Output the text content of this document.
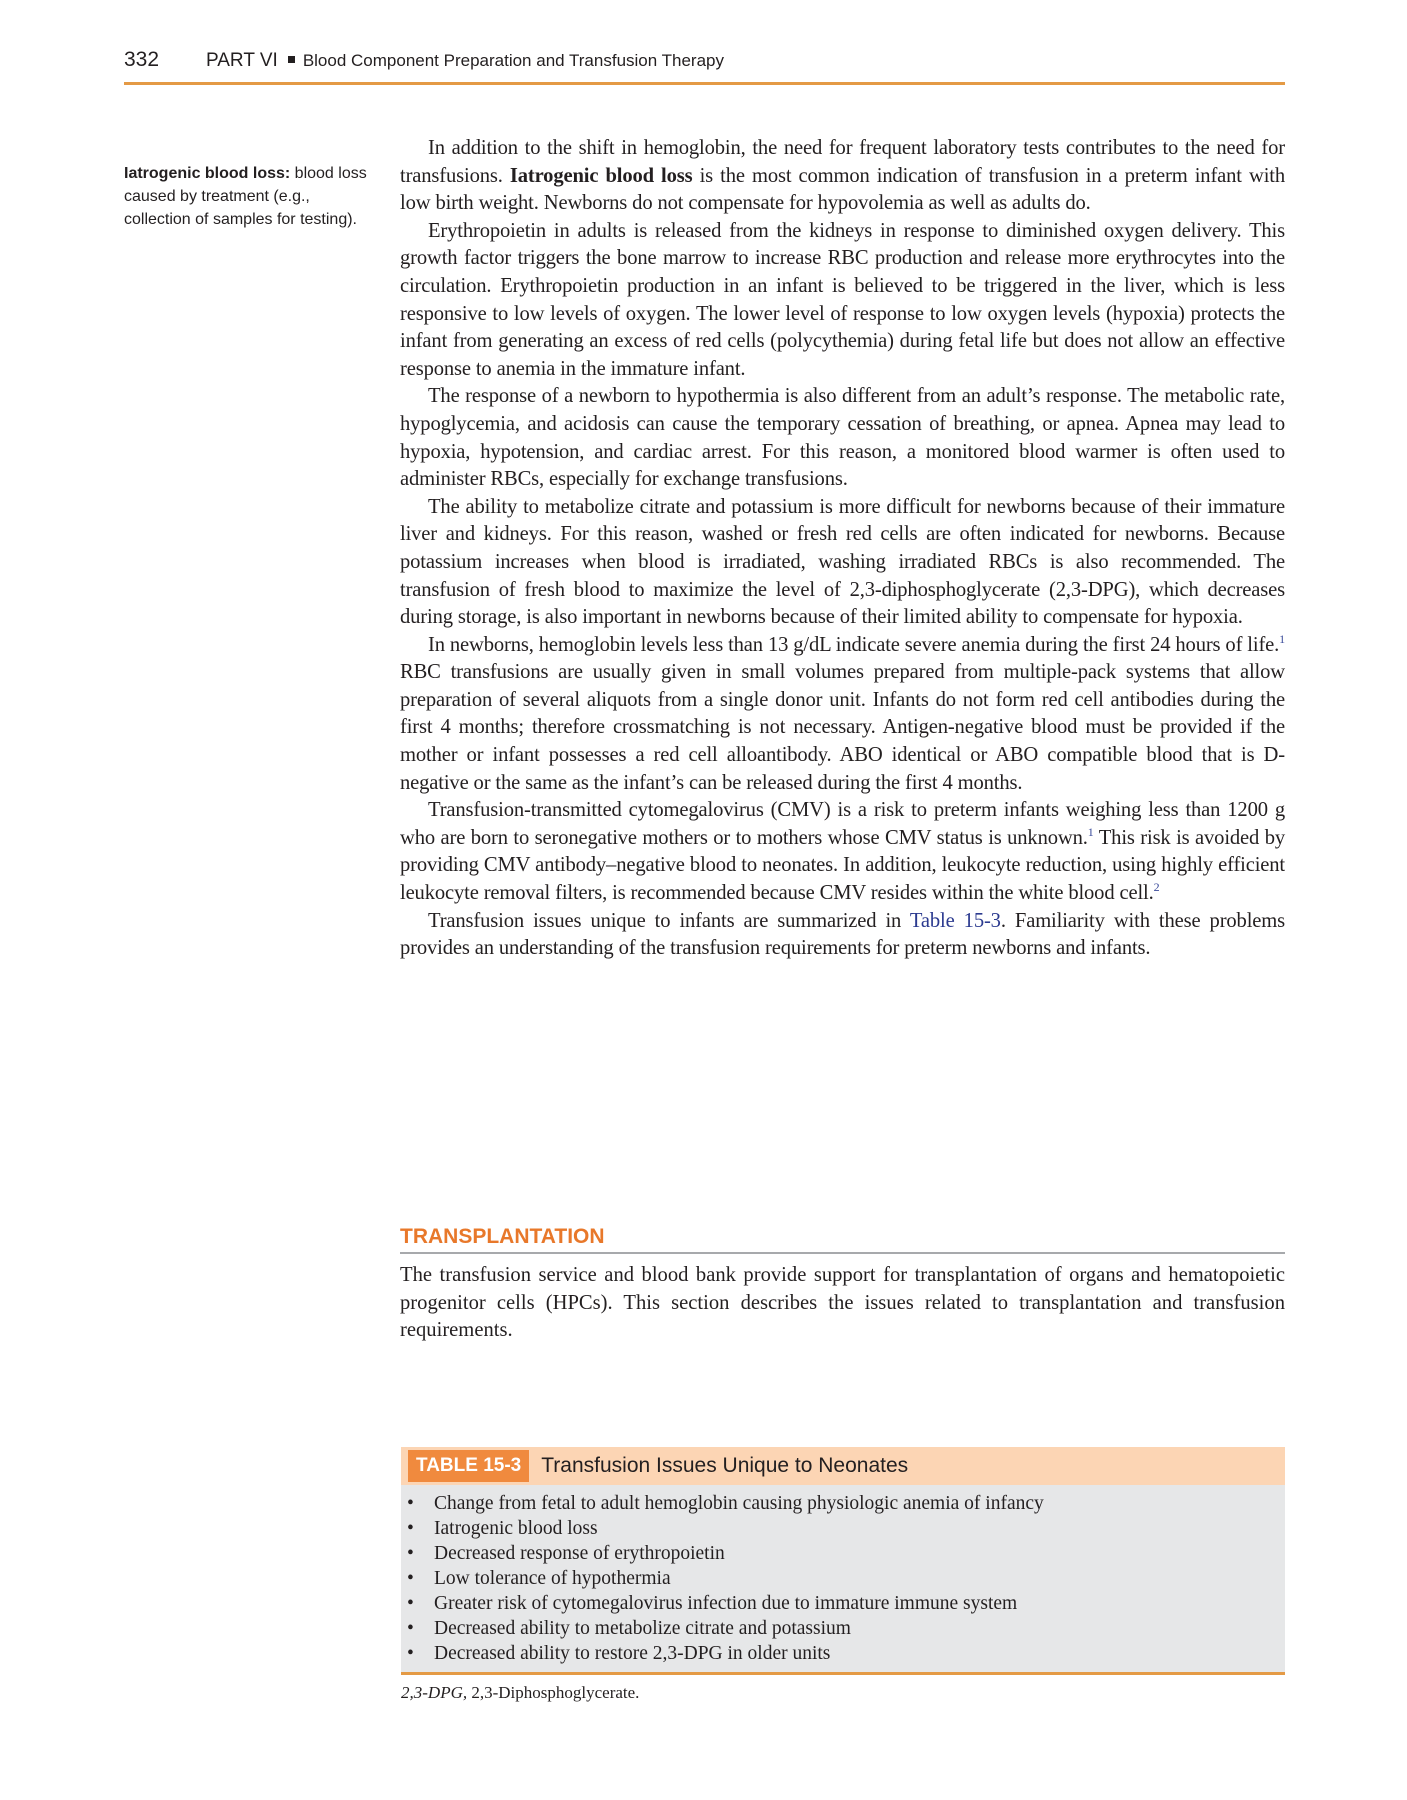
332	PART VI Blood Component Preparation and Transfusion Therapy
Iatrogenic blood loss: blood loss caused by treatment (e.g., collection of samples for testing).

In addition to the shift in hemoglobin, the need for frequent laboratory tests contributes to the need for transfusions. Iatrogenic blood loss is the most common indication of transfusion in a preterm infant with low birth weight. Newborns do not compensate for hypovolemia as well as adults do.

Erythropoietin in adults is released from the kidneys in response to diminished oxygen delivery. This growth factor triggers the bone marrow to increase RBC production and release more erythrocytes into the circulation. Erythropoietin production in an infant is believed to be triggered in the liver, which is less responsive to low levels of oxygen. The lower level of response to low oxygen levels (hypoxia) protects the infant from generating an excess of red cells (polycythemia) during fetal life but does not allow an effective response to anemia in the immature infant.

The response of a newborn to hypothermia is also different from an adult’s response. The metabolic rate, hypoglycemia, and acidosis can cause the temporary cessation of breathing, or apnea. Apnea may lead to hypoxia, hypotension, and cardiac arrest. For this reason, a monitored blood warmer is often used to administer RBCs, especially for exchange transfusions.

The ability to metabolize citrate and potassium is more difficult for newborns because of their immature liver and kidneys. For this reason, washed or fresh red cells are often indicated for newborns. Because potassium increases when blood is irradiated, washing irradiated RBCs is also recommended. The transfusion of fresh blood to maximize the level of 2,3-diphosphoglycerate (2,3-DPG), which decreases during storage, is also important in newborns because of their limited ability to compensate for hypoxia.

In newborns, hemoglobin levels less than 13 g/dL indicate severe anemia during the first 24 hours of life.$^1$ RBC transfusions are usually given in small volumes prepared from multiple-pack systems that allow preparation of several aliquots from a single donor unit. Infants do not form red cell antibodies during the first 4 months; therefore crossmatching is not necessary. Antigen-negative blood must be provided if the mother or infant possesses a red cell alloantibody. ABO identical or ABO compatible blood that is D-negative or the same as the infant’s can be released during the first 4 months.

Transfusion-transmitted cytomegalovirus (CMV) is a risk to preterm infants weighing less than 1200 g who are born to seronegative mothers or to mothers whose CMV status is unknown.$^1$ This risk is avoided by providing CMV antibody–negative blood to neonates. In addition, leukocyte reduction, using highly efficient leukocyte removal filters, is recommended because CMV resides within the white blood cell.$^2$

Transfusion issues unique to infants are summarized in Table 15-3. Familiarity with these problems provides an understanding of the transfusion requirements for preterm newborns and infants.

TRANSPLANTATION

The transfusion service and blood bank provide support for transplantation of organs and hematopoietic progenitor cells (HPCs). This section describes the issues related to transplantation and transfusion requirements.

TABLE 15-3 Transfusion Issues Unique to Neonates
• Change from fetal to adult hemoglobin causing physiologic anemia of infancy
• Iatrogenic blood loss
• Decreased response of erythropoietin
• Low tolerance of hypothermia
• Greater risk of cytomegalovirus infection due to immature immune system
• Decreased ability to metabolize citrate and potassium
• Decreased ability to restore 2,3-DPG in older units
2,3-DPG, 2,3-Diphosphoglycerate.
